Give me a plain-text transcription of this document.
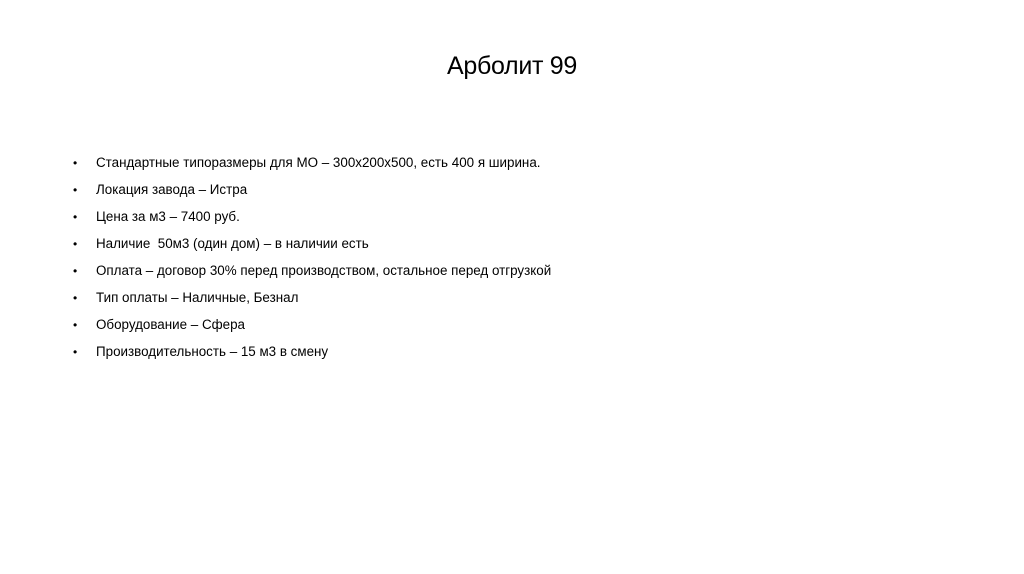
Арболит 99
•	Стандартные типоразмеры для МО – 300х200х500, есть 400 я ширина.
•	Локация завода – Истра
•	Цена за м3 – 7400 руб.
•	Наличие  50м3 (один дом) – в наличии есть
•	Оплата – договор 30% перед производством, остальное перед отгрузкой
•	Тип оплаты – Наличные, Безнал
•	Оборудование – Сфера
•	Производительность – 15 м3 в смену
